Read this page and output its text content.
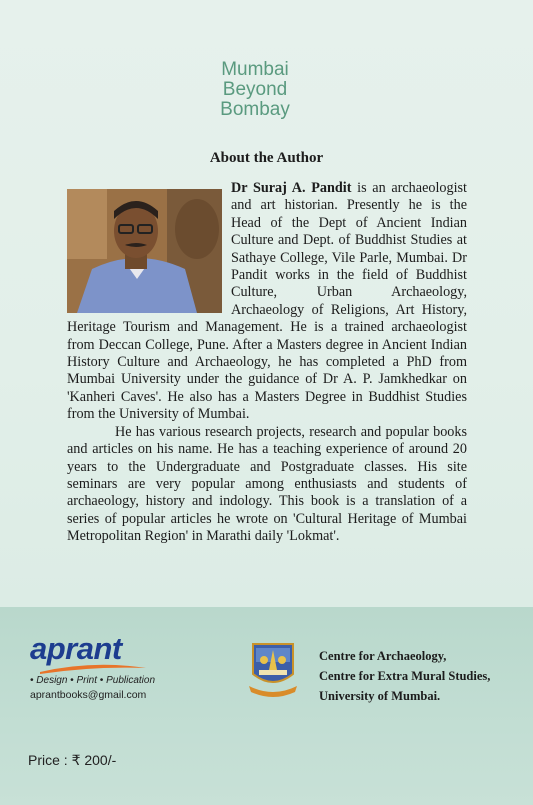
Mumbai
Beyond
Bombay
About the Author

Dr Suraj A. Pandit is an archaeologist and art historian. Presently he is the Head of the Dept of Ancient Indian Culture and Dept. of Buddhist Studies at Sathaye College, Vile Parle, Mumbai. Dr Pandit works in the field of Buddhist Culture, Urban Archaeology, Archaeology of Religions, Art History, Heritage Tourism and Management. He is a trained archaeologist from Deccan College, Pune. After a Masters degree in Ancient Indian History Culture and Archaeology, he has completed a PhD from Mumbai University under the guidance of Dr A. P. Jamkhedkar on 'Kanheri Caves'. He also has a Masters Degree in Buddhist Studies from the University of Mumbai.

He has various research projects, research and popular books and articles on his name. He has a teaching experience of around 20 years to the Undergraduate and Postgraduate classes. His site seminars are very popular among enthusiasts and students of archaeology, history and indology. This book is a translation of a series of popular articles he wrote on 'Cultural Heritage of Mumbai Metropolitan Region' in Marathi daily 'Lokmat'.

aprant
• Design • Print • Publication
aprantbooks@gmail.com
Centre for Archaeology,
Centre for Extra Mural Studies,
University of Mumbai.
Price : ₹ 200/-
